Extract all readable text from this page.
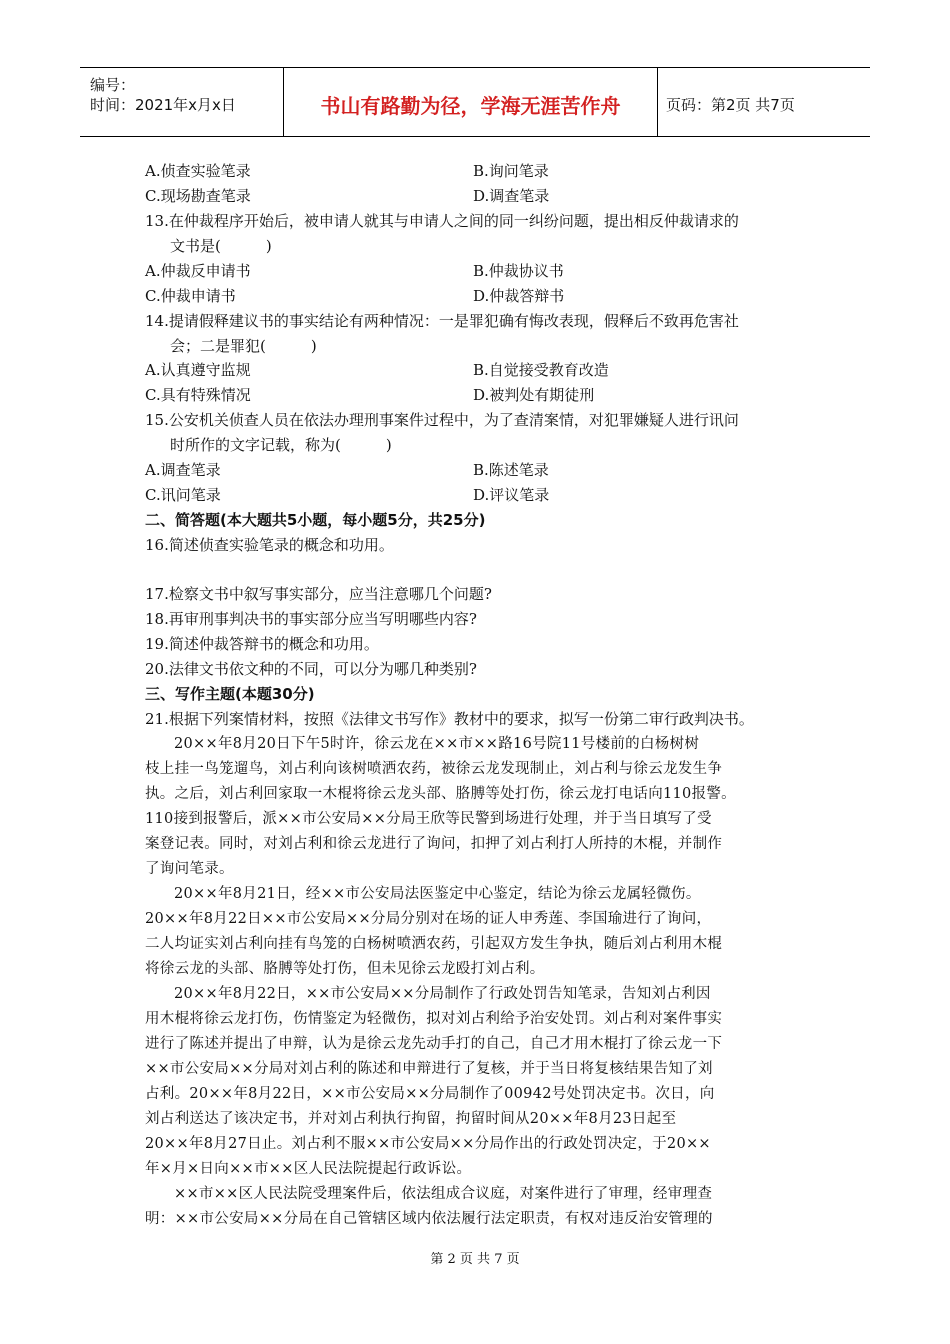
编号：
时间：2021年x月x日	书山有路勤为径，学海无涯苦作舟	页码：第2页 共7页
A.侦查实验笔录	B.询问笔录
C.现场勘查笔录	D.调查笔录
13.在仲裁程序开始后，被申请人就其与申请人之间的同一纠纷问题，提出相反仲裁请求的
文书是(　　　)
A.仲裁反申请书	B.仲裁协议书
C.仲裁申请书	D.仲裁答辩书
14.提请假释建议书的事实结论有两种情况：一是罪犯确有悔改表现，假释后不致再危害社
会；二是罪犯(　　　)
A.认真遵守监规	B.自觉接受教育改造
C.具有特殊情况	D.被判处有期徒刑
15.公安机关侦查人员在依法办理刑事案件过程中，为了查清案情，对犯罪嫌疑人进行讯问
时所作的文字记载，称为(　　　)
A.调查笔录	B.陈述笔录
C.讯问笔录	D.评议笔录
二、简答题(本大题共5小题，每小题5分，共25分)
16.简述侦查实验笔录的概念和功用。
17.检察文书中叙写事实部分，应当注意哪几个问题?
18.再审刑事判决书的事实部分应当写明哪些内容?
19.简述仲裁答辩书的概念和功用。
20.法律文书依文种的不同，可以分为哪几种类别?
三、写作主题(本题30分)
21.根据下列案情材料，按照《法律文书写作》教材中的要求，拟写一份第二审行政判决书。
20××年8月20日下午5时许，徐云龙在××市××路16号院11号楼前的白杨树树
枝上挂一鸟笼遛鸟，刘占利向该树喷洒农药，被徐云龙发现制止，刘占利与徐云龙发生争
执。之后，刘占利回家取一木棍将徐云龙头部、胳膊等处打伤，徐云龙打电话向110报警。
110接到报警后，派××市公安局××分局王欣等民警到场进行处理，并于当日填写了受
案登记表。同时，对刘占利和徐云龙进行了询问，扣押了刘占利打人所持的木棍，并制作
了询问笔录。
20××年8月21日，经××市公安局法医鉴定中心鉴定，结论为徐云龙属轻微伤。
20××年8月22日××市公安局××分局分别对在场的证人申秀莲、李国瑜进行了询问，
二人均证实刘占利向挂有鸟笼的白杨树喷洒农药，引起双方发生争执，随后刘占利用木棍
将徐云龙的头部、胳膊等处打伤，但未见徐云龙殴打刘占利。
20××年8月22日，××市公安局××分局制作了行政处罚告知笔录，告知刘占利因
用木棍将徐云龙打伤，伤情鉴定为轻微伤，拟对刘占利给予治安处罚。刘占利对案件事实
进行了陈述并提出了申辩，认为是徐云龙先动手打的自己，自己才用木棍打了徐云龙一下
××市公安局××分局对刘占利的陈述和申辩进行了复核，并于当日将复核结果告知了刘
占利。20××年8月22日，××市公安局××分局制作了00942号处罚决定书。次日，向
刘占利送达了该决定书，并对刘占利执行拘留，拘留时间从20××年8月23日起至
20××年8月27日止。刘占利不服××市公安局××分局作出的行政处罚决定，于20××
年×月×日向××市××区人民法院提起行政诉讼。
××市××区人民法院受理案件后，依法组成合议庭，对案件进行了审理，经审理查
明：××市公安局××分局在自己管辖区域内依法履行法定职责，有权对违反治安管理的
第 2 页 共 7 页
